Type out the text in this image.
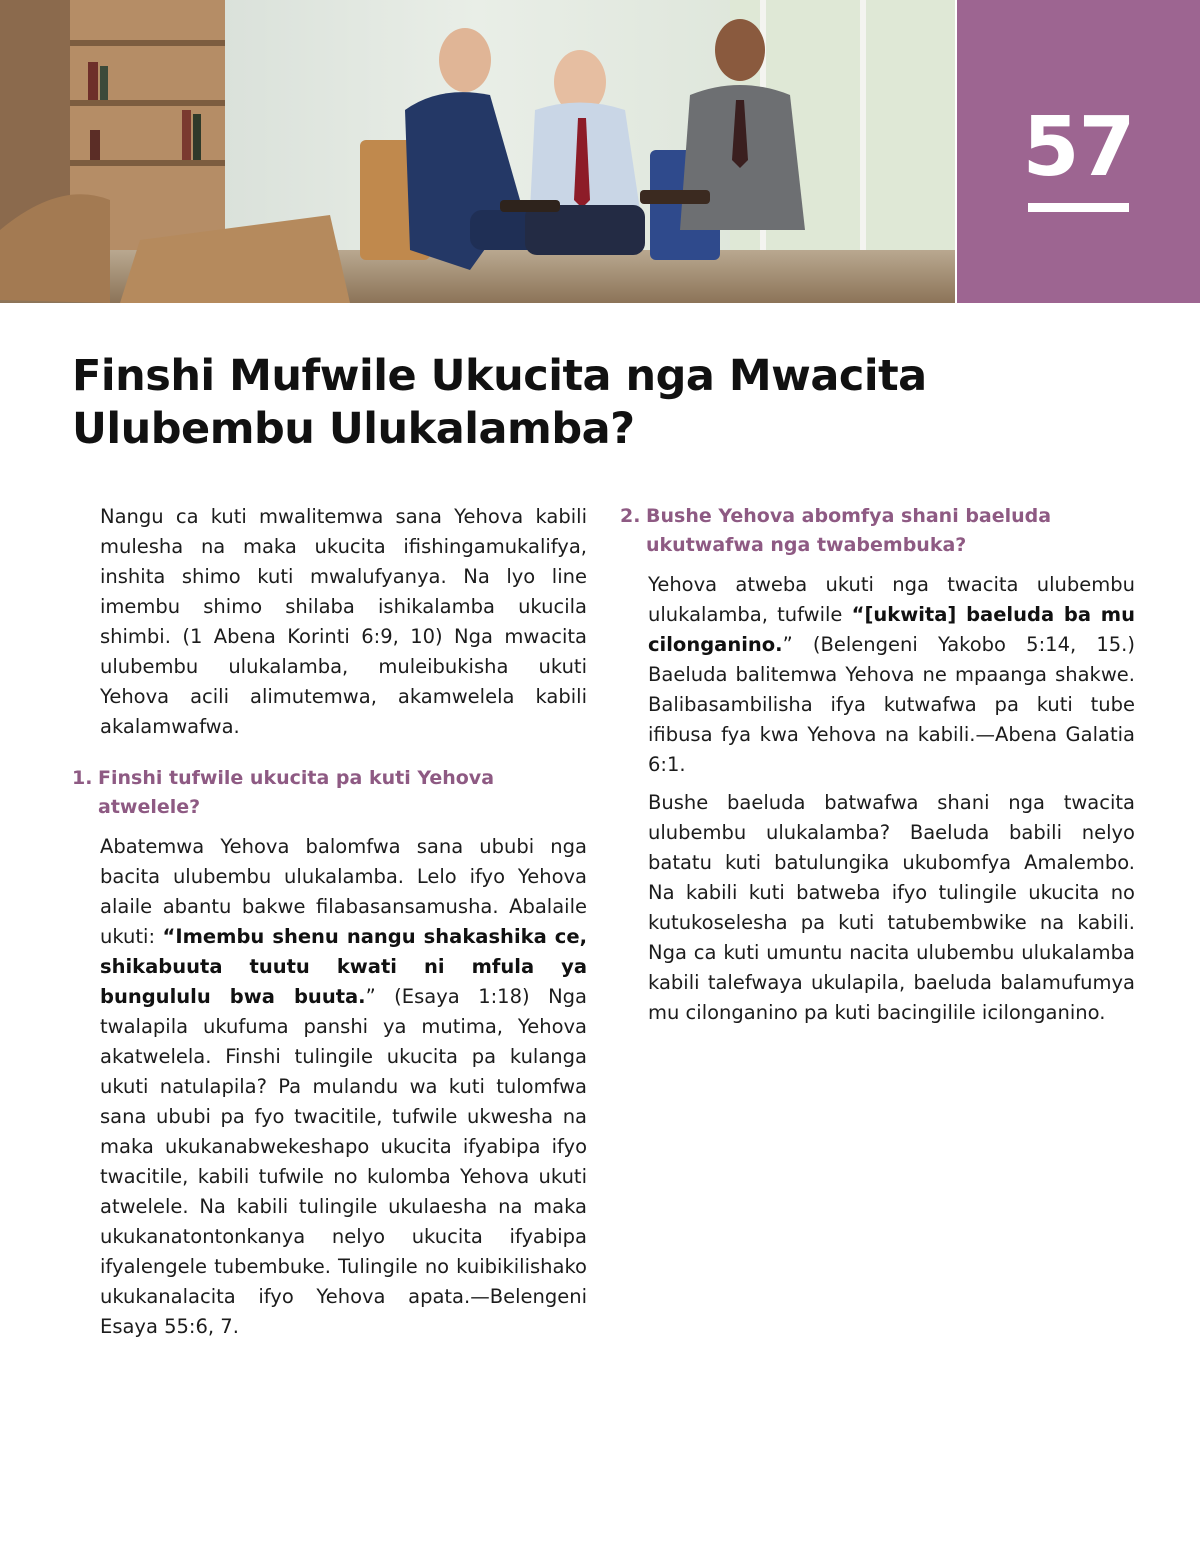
57
Finshi Mufwile Ukucita nga Mwacita Ulubembu Ulukalamba?

Nangu ca kuti mwalitemwa sana Yehova kabili mulesha na maka ukucita ifishingamukalifya, inshita shimo kuti mwalufyanya. Na lyo line imembu shimo shilaba ishikalamba ukucila shimbi. (1 Abena Korinti 6:9, 10) Nga mwacita ulubembu ulukalamba, muleibukisha ukuti Yehova acili alimutemwa, akamwelela kabili akalamwafwa.

1. Finshi tufwile ukucita pa kuti Yehova atwelele?

Abatemwa Yehova balomfwa sana ububi nga bacita ulubembu ulukalamba. Lelo ifyo Yehova alaile abantu bakwe filabasansamusha. Abalaile ukuti: “Imembu shenu nangu shakashika ce, shikabuuta tuutu kwati ni mfula ya bungululu bwa buuta.” (Esaya 1:18) Nga twalapila ukufuma panshi ya mutima, Yehova akatwelela. Finshi tulingile ukucita pa kulanga ukuti natulapila? Pa mulandu wa kuti tulomfwa sana ububi pa fyo twacitile, tufwile ukwesha na maka ukukanabwekeshapo ukucita ifyabipa ifyo twacitile, kabili tufwile no kulomba Yehova ukuti atwelele. Na kabili tulingile ukulaesha na maka ukukanatontonkanya nelyo ukucita ifyabipa ifyalengele tubembuke. Tulingile no kuibikilishako ukukanalacita ifyo Yehova apata.—Belengeni Esaya 55:6, 7.

2. Bushe Yehova abomfya shani baeluda ukutwafwa nga twabembuka?

Yehova atweba ukuti nga twacita ulubembu ulukalamba, tufwile “[ukwita] baeluda ba mu cilonganino.” (Belengeni Yakobo 5:14, 15.) Baeluda balitemwa Yehova ne mpaanga shakwe. Balibasambilisha ifya kutwafwa pa kuti tube ifibusa fya kwa Yehova na kabili.—Abena Galatia 6:1.

Bushe baeluda batwafwa shani nga twacita ulubembu ulukalamba? Baeluda babili nelyo batatu kuti batulungika ukubomfya Amalembo. Na kabili kuti batweba ifyo tulingile ukucita no kutukoselesha pa kuti tatubembwike na kabili. Nga ca kuti umuntu nacita ulubembu ulukalamba kabili talefwaya ukulapila, baeluda balamufumya mu cilonganino pa kuti bacingilile icilonganino.
